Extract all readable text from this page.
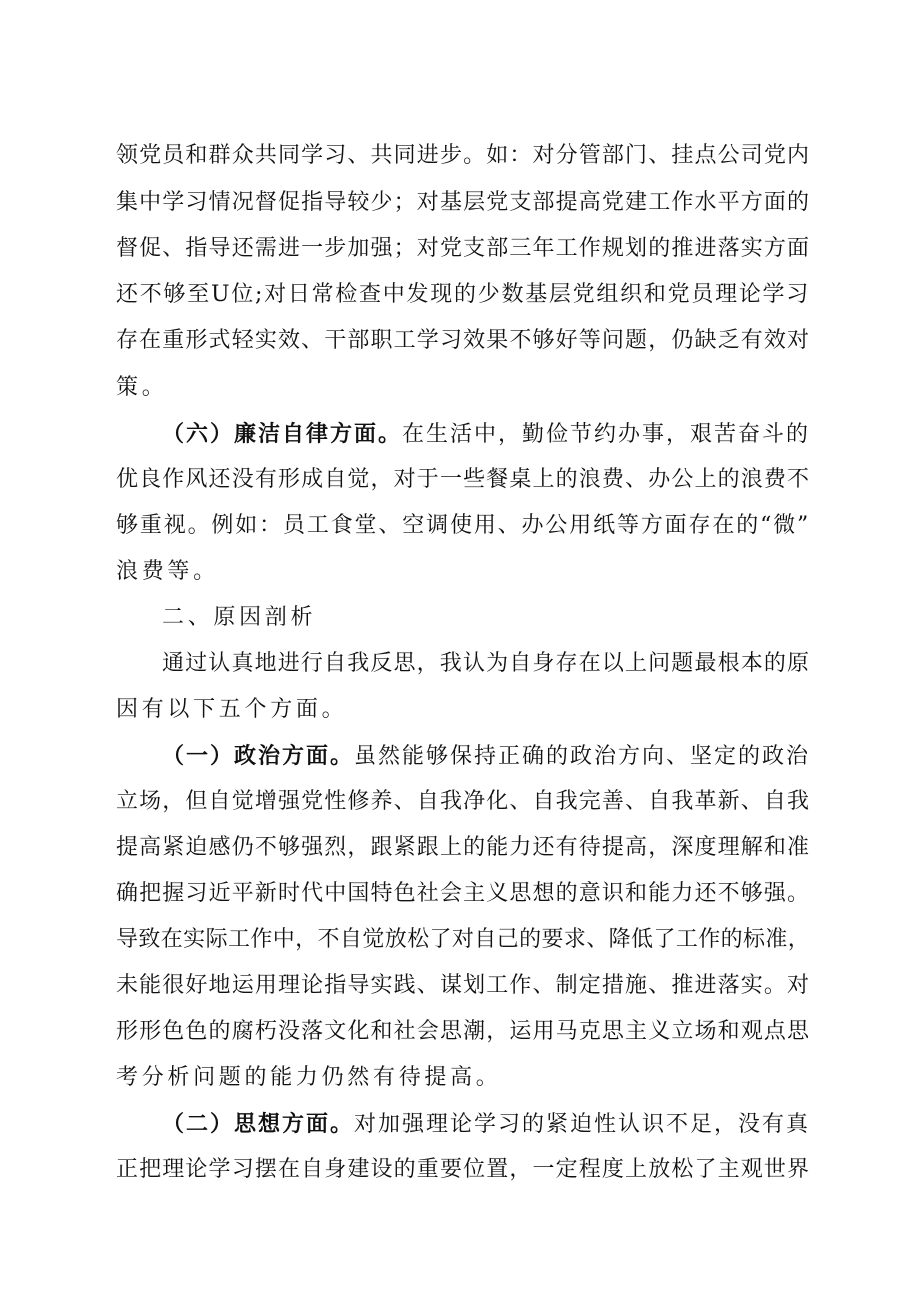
领党员和群众共同学习、共同进步。如：对分管部门、挂点公司党内
集中学习情况督促指导较少；对基层党支部提高党建工作水平方面的
督促、指导还需进一步加强；对党支部三年工作规划的推进落实方面
还不够至U位;对日常检查中发现的少数基层党组织和党员理论学习
存在重形式轻实效、干部职工学习效果不够好等问题，仍缺乏有效对
策。
（六）廉洁自律方面。在生活中，勤俭节约办事，艰苦奋斗的
优良作风还没有形成自觉，对于一些餐桌上的浪费、办公上的浪费不
够重视。例如：员工食堂、空调使用、办公用纸等方面存在的“微”
浪费等。
二、原因剖析
通过认真地进行自我反思，我认为自身存在以上问题最根本的原
因有以下五个方面。
（一）政治方面。虽然能够保持正确的政治方向、坚定的政治
立场，但自觉增强党性修养、自我净化、自我完善、自我革新、自我
提高紧迫感仍不够强烈，跟紧跟上的能力还有待提高，深度理解和准
确把握习近平新时代中国特色社会主义思想的意识和能力还不够强。
导致在实际工作中，不自觉放松了对自己的要求、降低了工作的标准，
未能很好地运用理论指导实践、谋划工作、制定措施、推进落实。对
形形色色的腐朽没落文化和社会思潮，运用马克思主义立场和观点思
考分析问题的能力仍然有待提高。
（二）思想方面。对加强理论学习的紧迫性认识不足，没有真
正把理论学习摆在自身建设的重要位置，一定程度上放松了主观世界
